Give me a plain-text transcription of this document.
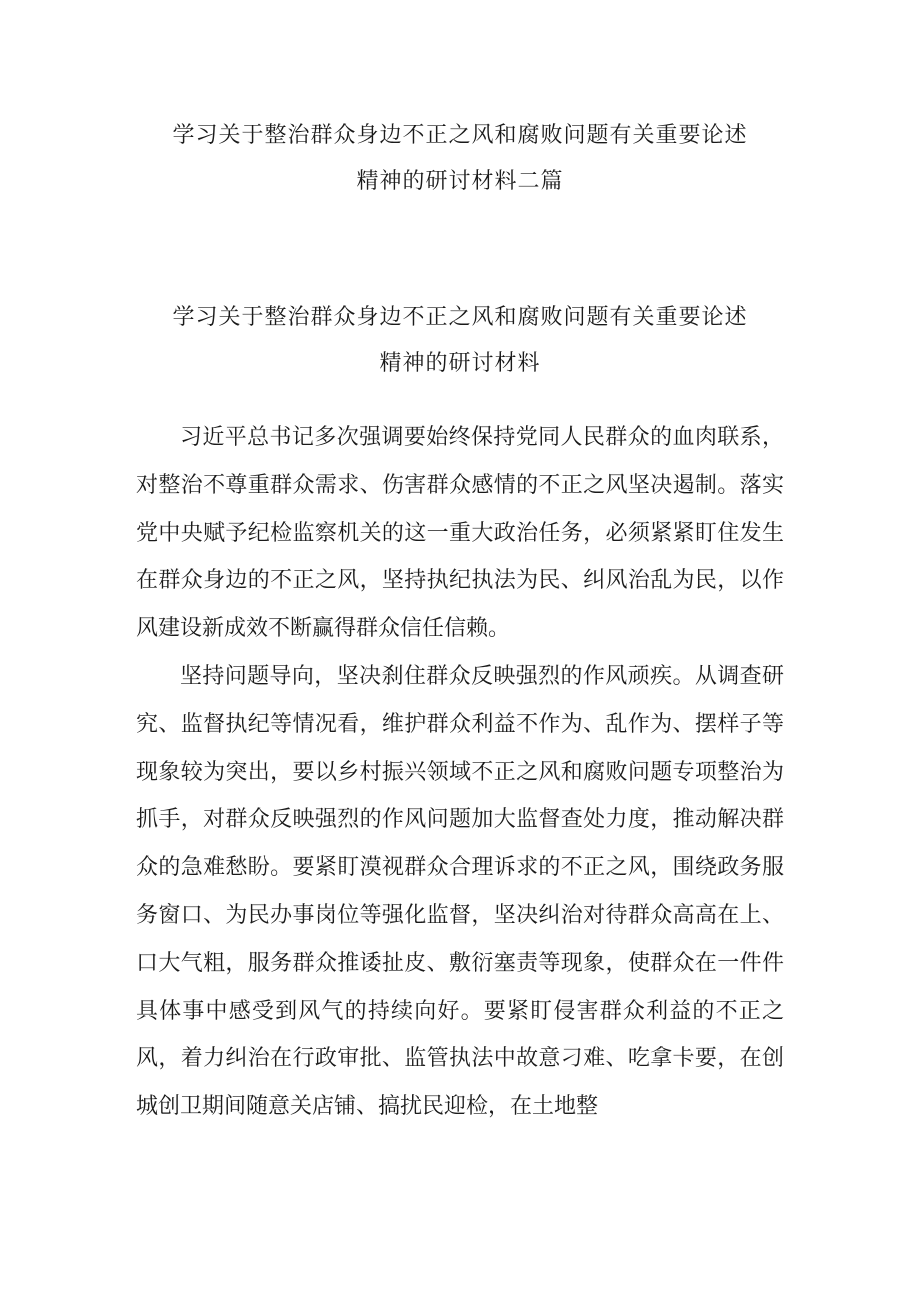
学习关于整治群众身边不正之风和腐败问题有关重要论述
精神的研讨材料二篇
学习关于整治群众身边不正之风和腐败问题有关重要论述
精神的研讨材料

习近平总书记多次强调要始终保持党同人民群众的血肉联系，对整治不尊重群众需求、伤害群众感情的不正之风坚决遏制。落实党中央赋予纪检监察机关的这一重大政治任务，必须紧紧盯住发生在群众身边的不正之风，坚持执纪执法为民、纠风治乱为民，以作风建设新成效不断赢得群众信任信赖。

坚持问题导向，坚决刹住群众反映强烈的作风顽疾。从调查研究、监督执纪等情况看，维护群众利益不作为、乱作为、摆样子等现象较为突出，要以乡村振兴领域不正之风和腐败问题专项整治为抓手，对群众反映强烈的作风问题加大监督查处力度，推动解决群众的急难愁盼。要紧盯漠视群众合理诉求的不正之风，围绕政务服务窗口、为民办事岗位等强化监督，坚决纠治对待群众高高在上、口大气粗，服务群众推诿扯皮、敷衍塞责等现象，使群众在一件件具体事中感受到风气的持续向好。要紧盯侵害群众利益的不正之风，着力纠治在行政审批、监管执法中故意刁难、吃拿卡要，在创城创卫期间随意关店铺、搞扰民迎检，在土地整
